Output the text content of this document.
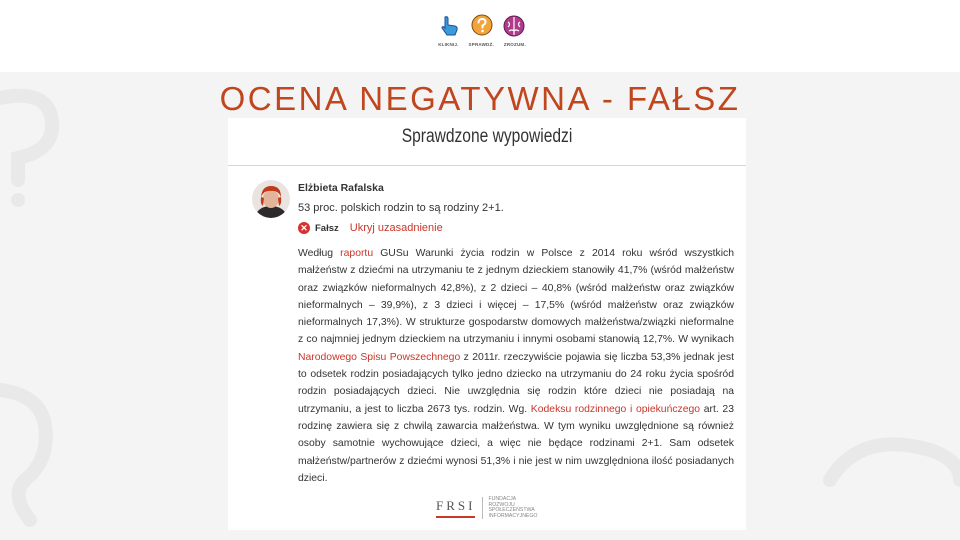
KLIKNIJ. SPRAWDŹ. ZROZUM.
OCENA NEGATYWNA - FAŁSZ
Sprawdzone wypowiedzi
Elżbieta Rafalska
53 proc. polskich rodzin to są rodziny 2+1.
✕ Fałsz Ukryj uzasadnienie
Według raportu GUSu Warunki życia rodzin w Polsce z 2014 roku wśród wszystkich małżeństw z dziećmi na utrzymaniu te z jednym dzieckiem stanowiły 41,7% (wśród małżeństw oraz związków nieformalnych 42,8%), z 2 dzieci – 40,8% (wśród małżeństw oraz związków nieformalnych – 39,9%), z 3 dzieci i więcej – 17,5% (wśród małżeństw oraz związków nieformalnych 17,3%). W strukturze gospodarstw domowych małżeństwa/związki nieformalne z co najmniej jednym dzieckiem na utrzymaniu i innymi osobami stanowią 12,7%. W wynikach Narodowego Spisu Powszechnego z 2011r. rzeczywiście pojawia się liczba 53,3% jednak jest to odsetek rodzin posiadających tylko jedno dziecko na utrzymaniu do 24 roku życia spośród rodzin posiadających dzieci. Nie uwzględnia się rodzin które dzieci nie posiadają na utrzymaniu, a jest to liczba 2673 tys. rodzin. Wg. Kodeksu rodzinnego i opiekuńczego art. 23 rodzinę zawiera się z chwilą zawarcia małżeństwa. W tym wyniku uwzględnione są również osoby samotnie wychowujące dzieci, a więc nie będące rodzinami 2+1. Sam odsetek małżeństw/partnerów z dziećmi wynosi 51,3% i nie jest w nim uwzględniona ilość posiadanych dzieci.
FRSI	FUNDACJA
ROZWOJU
SPOŁECZEŃSTWA
INFORMACYJNEGO
